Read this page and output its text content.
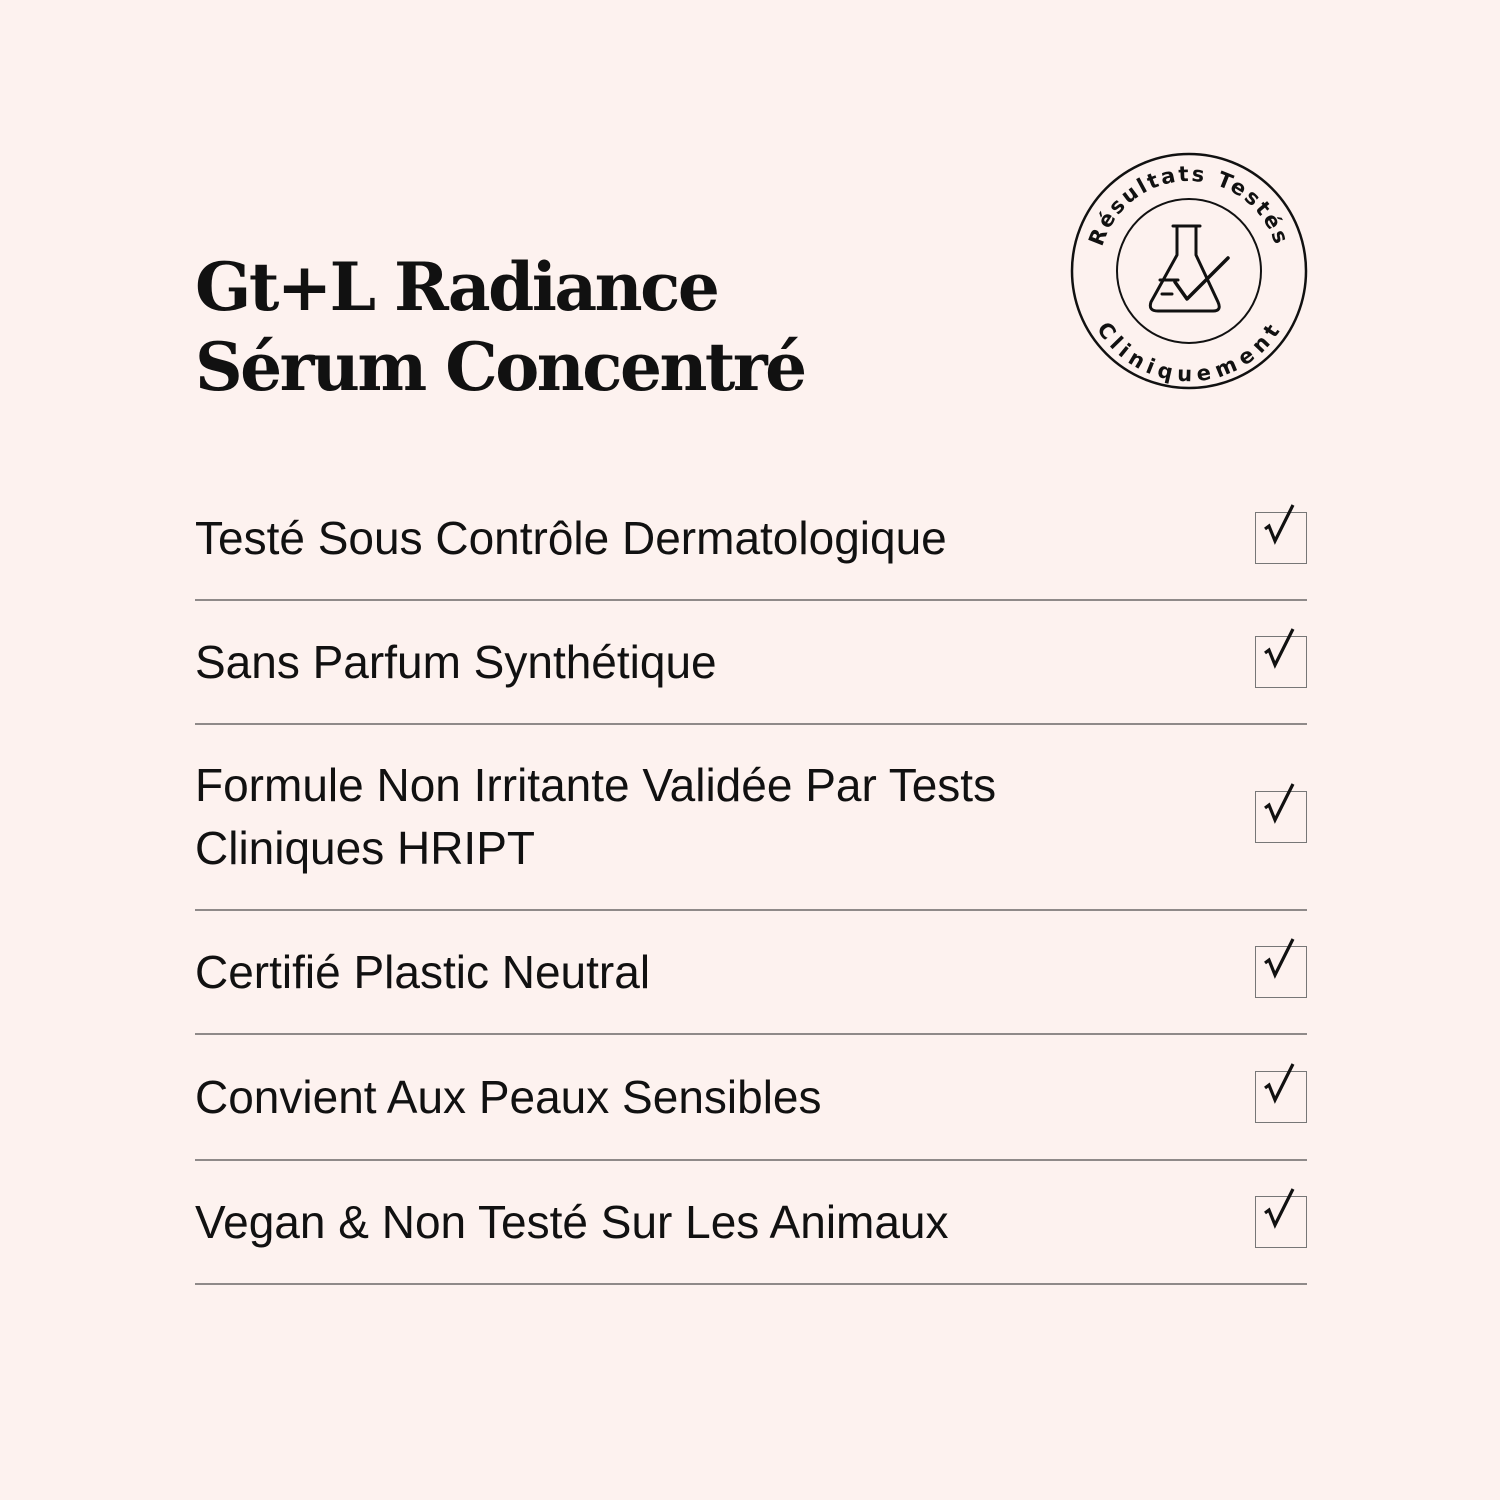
Gt+L Radiance
Sérum Concentré
Résultats Testés
Cliniquement
Testé Sous Contrôle Dermatologique
Sans Parfum Synthétique
Formule Non Irritante Validée Par Tests Cliniques HRIPT
Certifié Plastic Neutral
Convient Aux Peaux Sensibles
Vegan & Non Testé Sur Les Animaux
